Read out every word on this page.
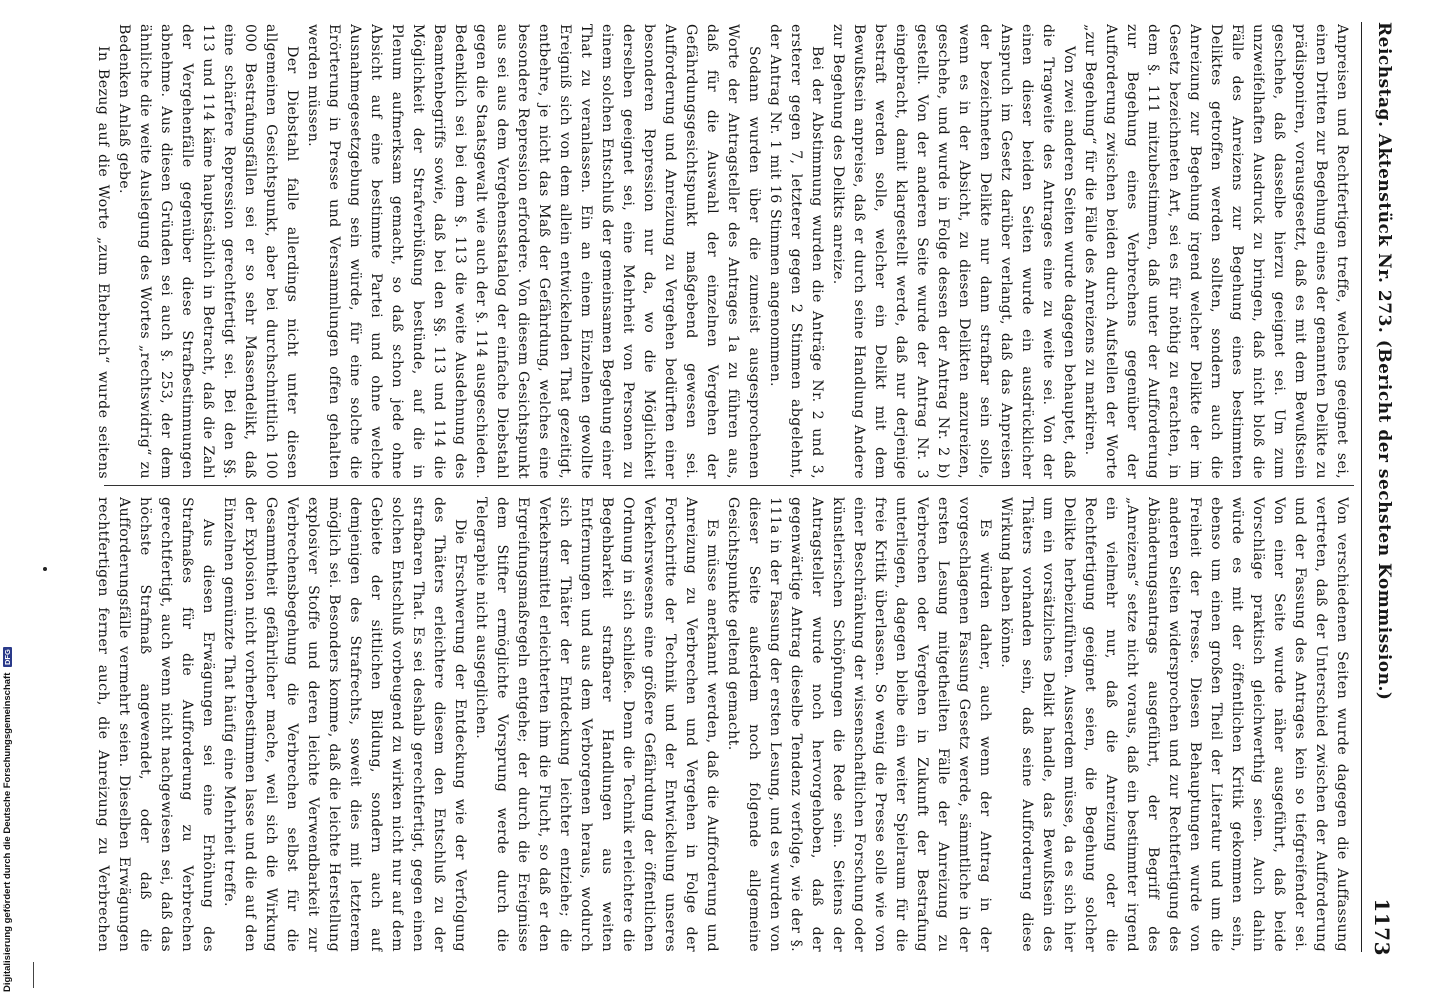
Reichstag. Aktenstück Nr. 273. (Bericht der sechsten Kommission.)
1173

Von verschiedenen Seiten wurde dagegen die Auffassung vertreten, daß der Unterschied zwischen der Aufforderung und der Fassung des Antrages kein so tiefgreifender sei. Von einer Seite wurde näher ausgeführt, daß beide Vorschläge praktisch gleichwerthig seien. Auch dahin würde es mit der öffentlichen Kritik gekommen sein, ebenso um einen großen Theil der Literatur und um die Freiheit der Presse. Diesen Behauptungen wurde von anderen Seiten widersprochen und zur Rechtfertigung des Abänderungsantrags ausgeführt, der Begriff des „Anreizens“ setze nicht voraus, daß ein bestimmter irgend ein vielmehr nur, daß die Anreizung oder die Rechtfertigung geeignet seien, die Begehung solcher Delikte herbeizuführen. Ausserdem müsse, da es sich hier um ein vorsätzliches Delikt handle, das Bewußtsein des Thäters vorhanden sein, daß seine Aufforderung diese Wirkung haben könne.

Es würden daher, auch wenn der Antrag in der vorgeschlagenen Fassung Gesetz werde, sämmtliche in der ersten Lesung mitgetheilten Fälle der Anreizung zu Verbrechen oder Vergehen in Zukunft der Bestrafung unterliegen, dagegen bleibe ein weiter Spielraum für die freie Kritik überlassen. So wenig die Presse solle wie von einer Beschränkung der wissenschaftlichen Forschung oder künstlerischen Schöpfungen die Rede sein. Seitens der Antragsteller wurde noch hervorgehoben, daß der gegenwärtige Antrag dieselbe Tendenz verfolge, wie der §. 111a in der Fassung der ersten Lesung, und es wurden von dieser Seite außerdem noch folgende allgemeine Gesichtspunkte geltend gemacht.

Es müsse anerkannt werden, daß die Aufforderung und Anreizung zu Verbrechen und Vergehen in Folge der Fortschritte der Technik und der Entwickelung unseres Verkehrswesens eine größere Gefährdung der öffentlichen Ordnung in sich schließe. Denn die Technik erleichtere die Begehbarkeit strafbarer Handlungen aus weiten Entfernungen und aus dem Verborgenen heraus, wodurch sich der Thäter der Entdeckung leichter entziehe; die Verkehrsmittel erleichterten ihm die Flucht, so daß er den Ergreifungsmaßregeln entgehe; der durch die Ereignisse dem Stifter ermöglichte Vorsprung werde durch die Telegraphie nicht ausgeglichen.

Die Erschwerung der Entdeckung wie der Verfolgung des Thäters erleichtere diesem den Entschluß zu der strafbaren That. Es sei deshalb gerechtfertigt, gegen einen solchen Entschluß vorbeugend zu wirken nicht nur auf dem Gebiete der sittlichen Bildung, sondern auch auf demjenigen des Strafrechts, soweit dies mit letzterem möglich sei. Besonders komme, daß die leichte Herstellung explosiver Stoffe und deren leichte Verwendbarkeit zur Verbrechensbegehung die Verbrechen selbst für die Gesammtheit gefährlicher mache, weil sich die Wirkung der Explosion nicht vorherbestimmen lasse und die auf den Einzelnen gemünzte That häufig eine Mehrheit treffe.

Aus diesen Erwägungen sei eine Erhöhung des Strafmaßes für die Aufforderung zu Verbrechen gerechtfertigt, auch wenn nicht nachgewiesen sei, daß das höchste Strafmaß angewendet, oder daß die Aufforderungsfälle vermehrt seien. Dieselben Erwägungen rechtfertigen ferner auch, die Anreizung zu Verbrechen

Anpreisen und Rechtfertigen treffe, welches geeignet sei, einen Dritten zur Begehung eines der genannten Delikte zu prädisponiren, vorausgesetzt, daß es mit dem Bewußtsein geschehe, daß dasselbe hierzu geeignet sei. Um zum unzweifelhaften Ausdruck zu bringen, daß nicht bloß die Fälle des Anreizens zur Begehung eines bestimmten Deliktes getroffen werden sollten, sondern auch die Anreizung zur Begehung irgend welcher Delikte der im Gesetz bezeichneten Art, sei es für nöthig zu erachten, in dem §. 111 mitzubestimmen, daß unter der Aufforderung zur Begehung eines Verbrechens gegenüber der Aufforderung zwischen beiden durch Aufstellen der Worte „zur Begehung“ für die Fälle des Anreizens zu markiren.

Von zwei anderen Seiten wurde dagegen behauptet, daß die Tragweite des Antrages eine zu weite sei. Von der einen dieser beiden Seiten wurde ein ausdrücklicher Anspruch im Gesetz darüber verlangt, daß das Anpreisen der bezeichneten Delikte nur dann strafbar sein solle, wenn es in der Absicht, zu diesen Delikten anzureizen, geschehe, und wurde in Folge dessen der Antrag Nr. 2 b) gestellt. Von der anderen Seite wurde der Antrag Nr. 3 eingebracht, damit klargestellt werde, daß nur derjenige bestraft werden solle, welcher ein Delikt mit dem Bewußtsein anpreise, daß er durch seine Handlung Andere zur Begehung des Delikts anreize.

Bei der Abstimmung wurden die Anträge Nr. 2 und 3, ersterer gegen 7, letzterer gegen 2 Stimmen abgelehnt, der Antrag Nr. 1 mit 16 Stimmen angenommen.

Sodann wurden über die zumeist ausgesprochenen Worte der Antragsteller des Antrages 1a zu führen aus, daß für die Auswahl der einzelnen Vergehen der Gefährdungsgesichtspunkt maßgebend gewesen sei. Aufforderung und Anreizung zu Vergehen bedürften einer besonderen Repression nur da, wo die Möglichkeit derselben geeignet sei, eine Mehrheit von Personen zu einem solchen Entschluß der gemeinsamen Begehung einer That zu veranlassen. Ein an einem Einzelnen gewollte Ereigniß sich von dem allein entwickelnden That gezeitigt, entbehre, je nicht das Maß der Gefährdung, welches eine besondere Repression erfordere. Von diesem Gesichtspunkt aus sei aus dem Vergehensstatalog der einfache Diebstahl gegen die Staatsgewalt wie auch der §. 114 ausgeschieden. Bedenklich sei bei dem §. 113 die weite Ausdehnung des Beamtenbegriffs sowie, daß bei den §§. 113 und 114 die Möglichkeit der Strafverbüßung bestünde, auf die in Plenum aufmerksam gemacht, so daß schon jede ohne Absicht auf eine bestimmte Partei und ohne welche Ausnahmegesetzgebung sein würde, für eine solche die Erörterung in Presse und Versammlungen offen gehalten werden müssen.

Der Diebstahl falle allerdings nicht unter diesen allgemeinen Gesichtspunkt, aber bei durchschnittlich 100 000 Bestrafungsfällen sei er so sehr Massendelikt, daß eine schärfere Repression gerechtfertigt sei. Bei den §§. 113 und 114 käme hauptsächlich in Betracht, daß die Zahl der Vergehenfälle gegenüber diese Strafbestimmungen abnehme. Aus diesen Gründen sei auch §. 253, der dem ähnliche die weite Auslegung des Wortes „rechtswidrig“ zu Bedenken Anlaß gebe.

In Bezug auf die Worte „zum Ehebruch“ wurde seitens

Digitalisierung gefördert durch die Deutsche Forschungsgemeinschaft DFG
